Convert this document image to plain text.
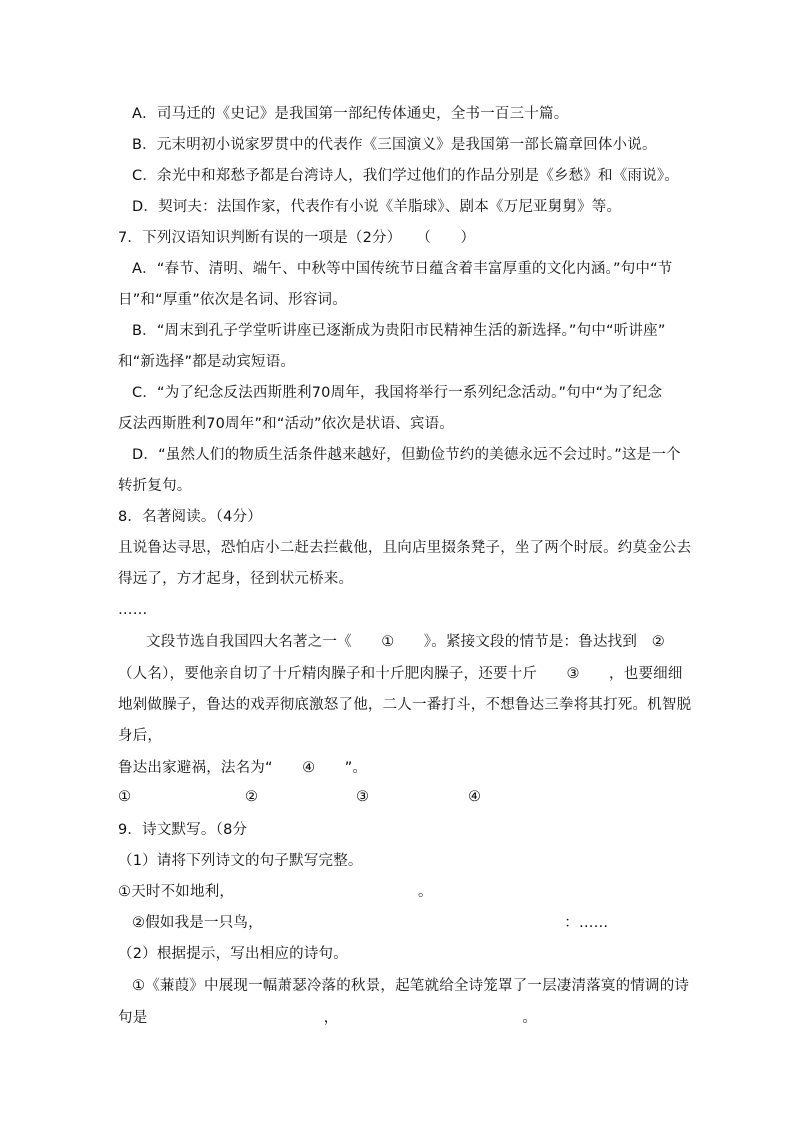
A．司马迁的《史记》是我国第一部纪传体通史，全书一百三十篇。
B．元末明初小说家罗贯中的代表作《三国演义》是我国第一部长篇章回体小说。
C．余光中和郑愁予都是台湾诗人，我们学过他们的作品分别是《乡愁》和《雨说》。
D．契诃夫：法国作家，代表作有小说《羊脂球》、剧本《万尼亚舅舅》等。
7．下列汉语知识判断有误的一项是（2分）　　（　　）
A．“春节、清明、端午、中秋等中国传统节日蕴含着丰富厚重的文化内涵。”句中“节
日”和“厚重”依次是名词、形容词。
B．“周末到孔子学堂听讲座已逐渐成为贵阳市民精神生活的新选择。”句中“听讲座”
和“新选择”都是动宾短语。
C．“为了纪念反法西斯胜利70周年，我国将举行一系列纪念活动。”句中“为了纪念
反法西斯胜利70周年”和“活动”依次是状语、宾语。
D．“虽然人们的物质生活条件越来越好，但勤俭节约的美德永远不会过时。”这是一个
转折复句。
8．名著阅读。（4分）
且说鲁达寻思，恐怕店小二赶去拦截他，且向店里掇条凳子，坐了两个时辰。约莫金公去
得远了，方才起身，径到状元桥来。
……
文段节选自我国四大名著之一《　　①　　》。紧接文段的情节是：鲁达找到　②
（人名），要他亲自切了十斤精肉臊子和十斤肥肉臊子，还要十斤　　③　　，也要细细
地剁做臊子，鲁达的戏弄彻底激怒了他，二人一番打斗，不想鲁达三拳将其打死。机智脱
身后，
鲁达出家避祸，法名为“　　④　　”。
①	②	③	④
9．诗文默写。（8分
（1）请将下列诗文的句子默写完整。
①天时不如地利，　　　　　　　　　　　　　。
②假如我是一只鸟，　　　　　　　　　　　　　　　　　　　　　：……
（2）根据提示，写出相应的诗句。
①《蒹葭》中展现一幅萧瑟冷落的秋景，起笔就给全诗笼罩了一层凄清落寞的情调的诗
句是　　　　　　　　　　　　，　　　　　　　　　　　　　。
